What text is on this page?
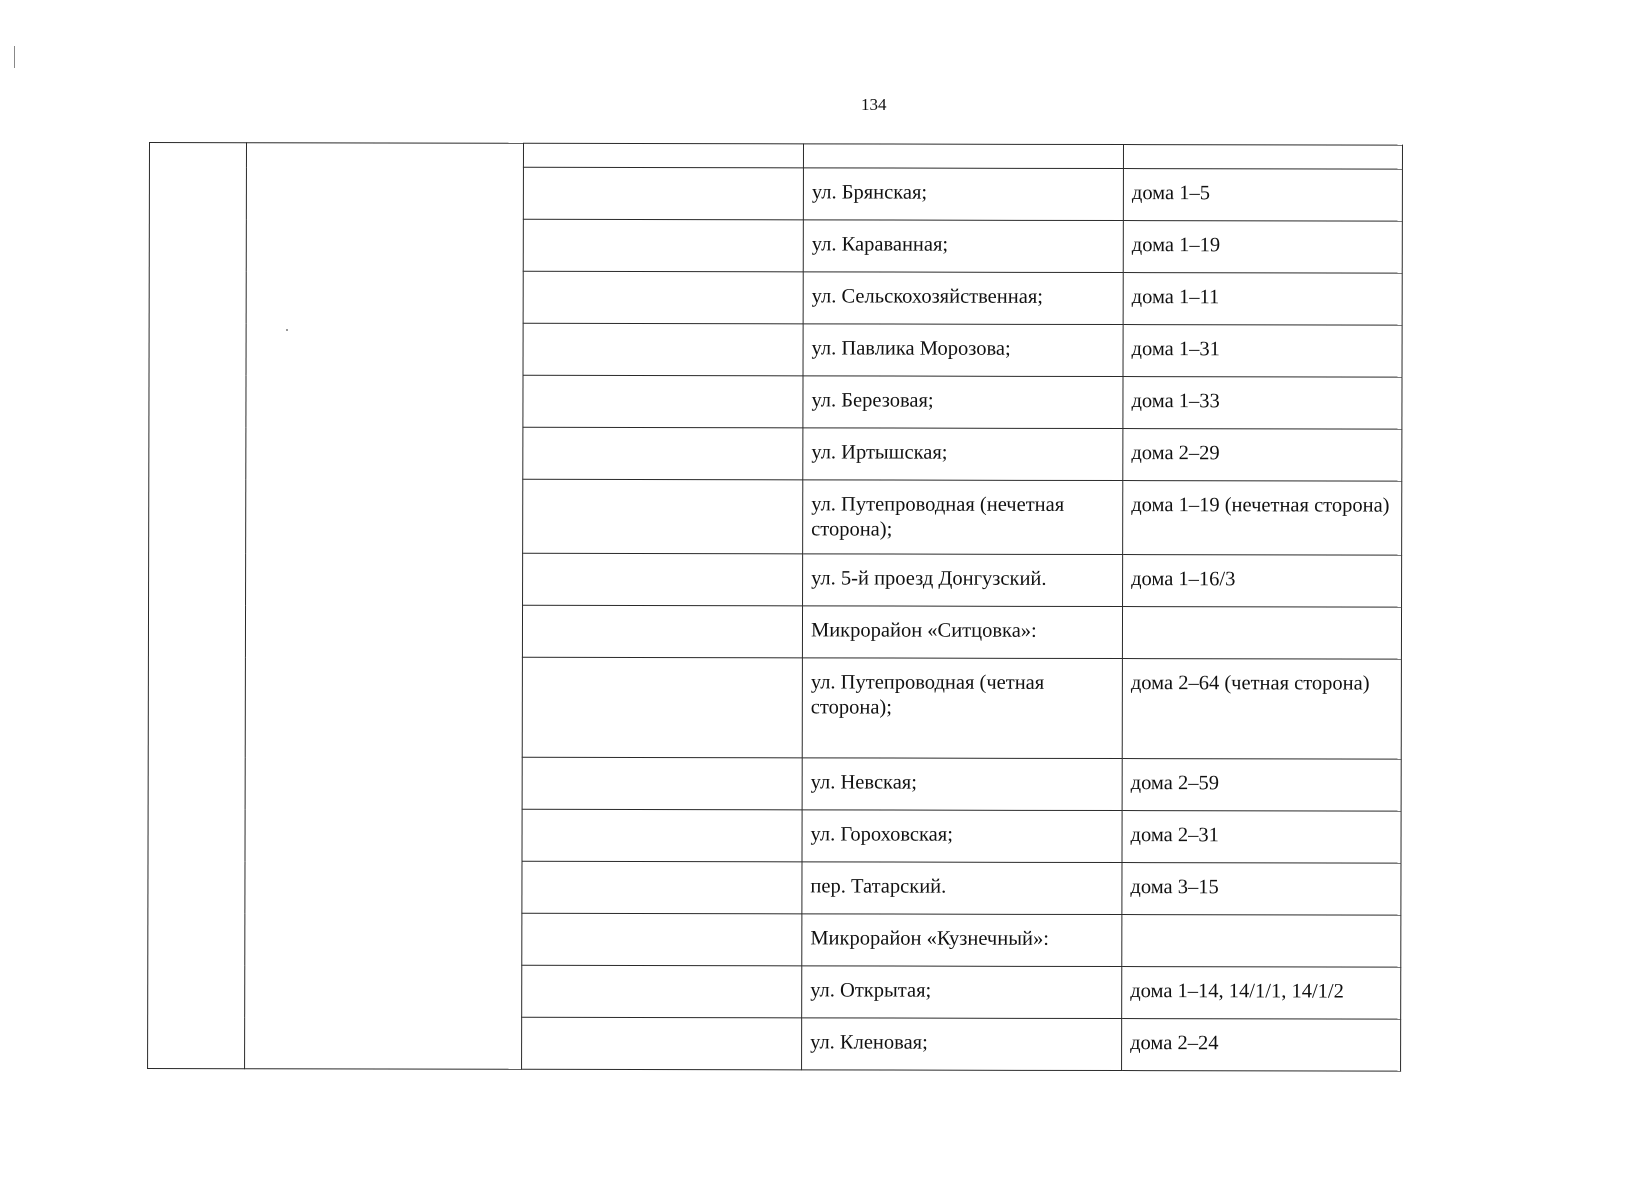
134

			ул. Брянская;	дома 1–5
			ул. Караванная;	дома 1–19
			ул. Сельскохозяйственная;	дома 1–11
			ул. Павлика Морозова;	дома 1–31
			ул. Березовая;	дома 1–33
			ул. Иртышская;	дома 2–29
			ул. Путепроводная (нечетная сторона);	дома 1–19 (нечетная сторона)
			ул. 5-й проезд Донгузский.	дома 1–16/3
			Микрорайон «Ситцовка»:	
			ул. Путепроводная (четная сторона);	дома 2–64 (четная сторона)
			ул. Невская;	дома 2–59
			ул. Гороховская;	дома 2–31
			пер. Татарский.	дома 3–15
			Микрорайон «Кузнечный»:	
			ул. Открытая;	дома 1–14, 14/1/1, 14/1/2
			ул. Кленовая;	дома 2–24
